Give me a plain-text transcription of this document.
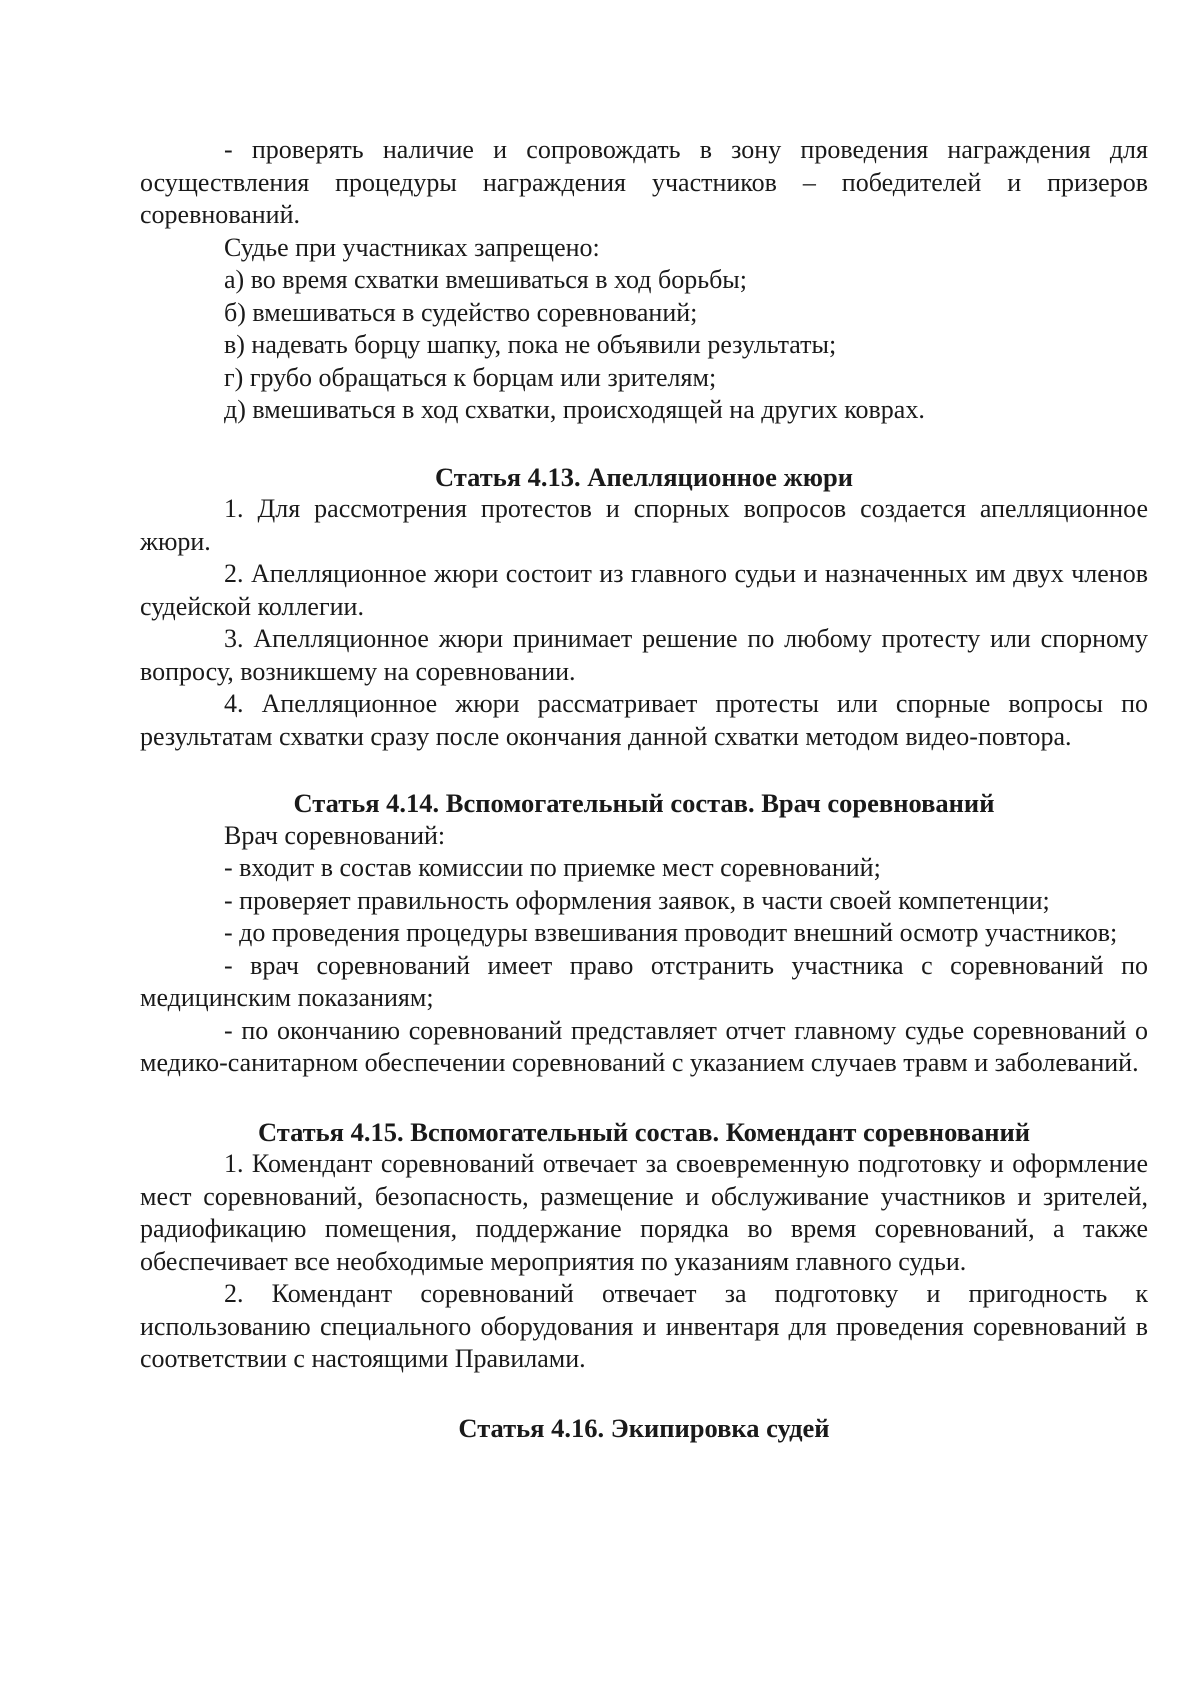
- проверять наличие и сопровождать в зону проведения награждения для осуществления процедуры награждения участников – победителей и призеров соревнований.

Судье при участниках запрещено:

а) во время схватки вмешиваться в ход борьбы;

б) вмешиваться в судейство соревнований;

в) надевать борцу шапку, пока не объявили результаты;

г) грубо обращаться к борцам или зрителям;

д) вмешиваться в ход схватки, происходящей на других коврах.

Статья 4.13. Апелляционное жюри

1. Для рассмотрения протестов и спорных вопросов создается апелляционное жюри.

2. Апелляционное жюри состоит из главного судьи и назначенных им двух членов судейской коллегии.

3. Апелляционное жюри принимает решение по любому протесту или спорному вопросу, возникшему на соревновании.

4. Апелляционное жюри рассматривает протесты или спорные вопросы по результатам схватки сразу после окончания данной схватки методом видео-повтора.

Статья 4.14. Вспомогательный состав. Врач соревнований

Врач соревнований:

- входит в состав комиссии по приемке мест соревнований;

- проверяет правильность оформления заявок, в части своей компетенции;

- до проведения процедуры взвешивания проводит внешний осмотр участников;

- врач соревнований имеет право отстранить участника с соревнований по медицинским показаниям;

- по окончанию соревнований представляет отчет главному судье соревнований о медико-санитарном обеспечении соревнований с указанием случаев травм и заболеваний.

Статья 4.15. Вспомогательный состав. Комендант соревнований

1. Комендант соревнований отвечает за своевременную подготовку и оформление мест соревнований, безопасность, размещение и обслуживание участников и зрителей, радиофикацию помещения, поддержание порядка во время соревнований, а также обеспечивает все необходимые мероприятия по указаниям главного судьи.

2. Комендант соревнований отвечает за подготовку и пригодность к использованию специального оборудования и инвентаря для проведения соревнований в соответствии с настоящими Правилами.

Статья 4.16. Экипировка судей
